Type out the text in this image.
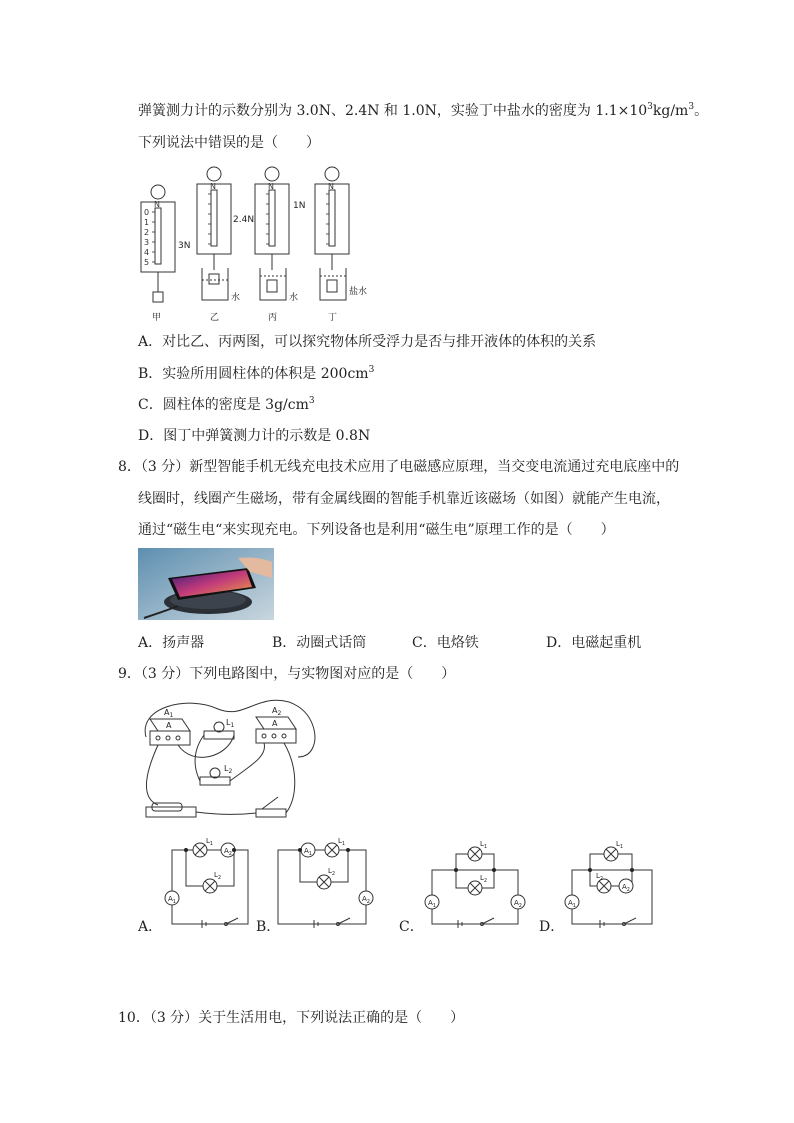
弹簧测力计的示数分别为 3.0N、2.4N 和 1.0N，实验丁中盐水的密度为 $1.1\times 10^3kg/m^3$。
下列说法中错误的是（　　）
N
0
1
2
3
4
5
N	N	N
3N
2.4N
1N
水	水
盐水
甲	乙	丙	丁
A．对比乙、丙两图，可以探究物体所受浮力是否与排开液体的体积的关系
B．实验所用圆柱体的体积是 $200cm^3$
C．圆柱体的密度是 $3g/cm^3$
D．图丁中弹簧测力计的示数是 0.8N
8．（3 分）新型智能手机无线充电技术应用了电磁感应原理，当交变电流通过充电底座中的
线圈时，线圈产生磁场，带有金属线圈的智能手机靠近该磁场（如图）就能产生电流，
通过“磁生电“来实现充电。下列设备也是利用“磁生电”原理工作的是（　　）
A．扬声器	B．动圈式话筒	C．电烙铁	D．电磁起重机
9．（3 分）下列电路图中，与实物图对应的是（　　）
$A_1$
A	$L_1$
$A_2$
A
$L_2$
$L_1$
$A_2$
$L_2$
$A_1$
$A_1$
$L_1$
$L_2$
$A_2$
$L_1$
$L_2$
$A_1$	$A_2$
$L_1$
$L_2$
$A_2$
$A_1$
A．	B．	C．	D．
10．（3 分）关于生活用电，下列说法正确的是（　　）
